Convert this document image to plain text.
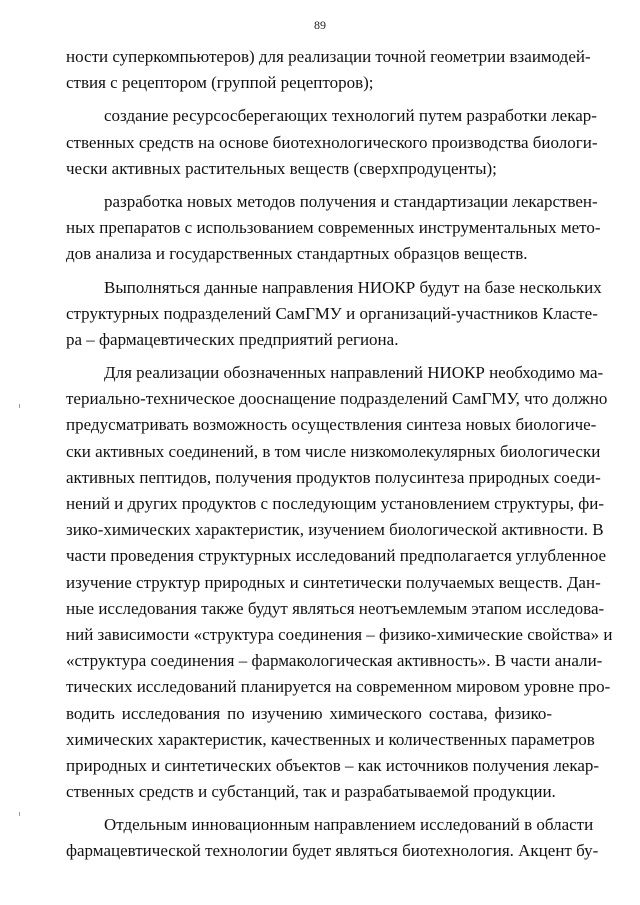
89

ности суперкомпьютеров) для реализации точной геометрии взаимодей-
ствия с рецептором (группой рецепторов);

создание ресурсосберегающих технологий путем разработки лекар-
ственных средств на основе биотехнологического производства биологи-
чески активных растительных веществ (сверхпродуценты);

разработка новых методов получения и стандартизации лекарствен-
ных препаратов с использованием современных инструментальных мето-
дов анализа и государственных стандартных образцов веществ.

Выполняться данные направления НИОКР будут на базе нескольких
структурных подразделений СамГМУ и организаций-участников Класте-
ра – фармацевтических предприятий региона.

Для реализации обозначенных направлений НИОКР необходимо ма-
териально-техническое дооснащение подразделений СамГМУ, что должно
предусматривать возможность осуществления синтеза новых биологиче-
ски активных соединений, в том числе низкомолекулярных биологически
активных пептидов, получения продуктов полусинтеза природных соеди-
нений и других продуктов с последующим установлением структуры, фи-
зико-химических характеристик, изучением биологической активности. В
части проведения структурных исследований предполагается углубленное
изучение структур природных и синтетически получаемых веществ. Дан-
ные исследования также будут являться неотъемлемым этапом исследова-
ний зависимости «структура соединения – физико-химические свойства» и
«структура соединения – фармакологическая активность». В части анали-
тических исследований планируется на современном мировом уровне про-
водить исследования по изучению химического состава, физико-
химических характеристик, качественных и количественных параметров
природных и синтетических объектов – как источников получения лекар-
ственных средств и субстанций, так и разрабатываемой продукции.

Отдельным инновационным направлением исследований в области
фармацевтической технологии будет являться биотехнология. Акцент бу-
